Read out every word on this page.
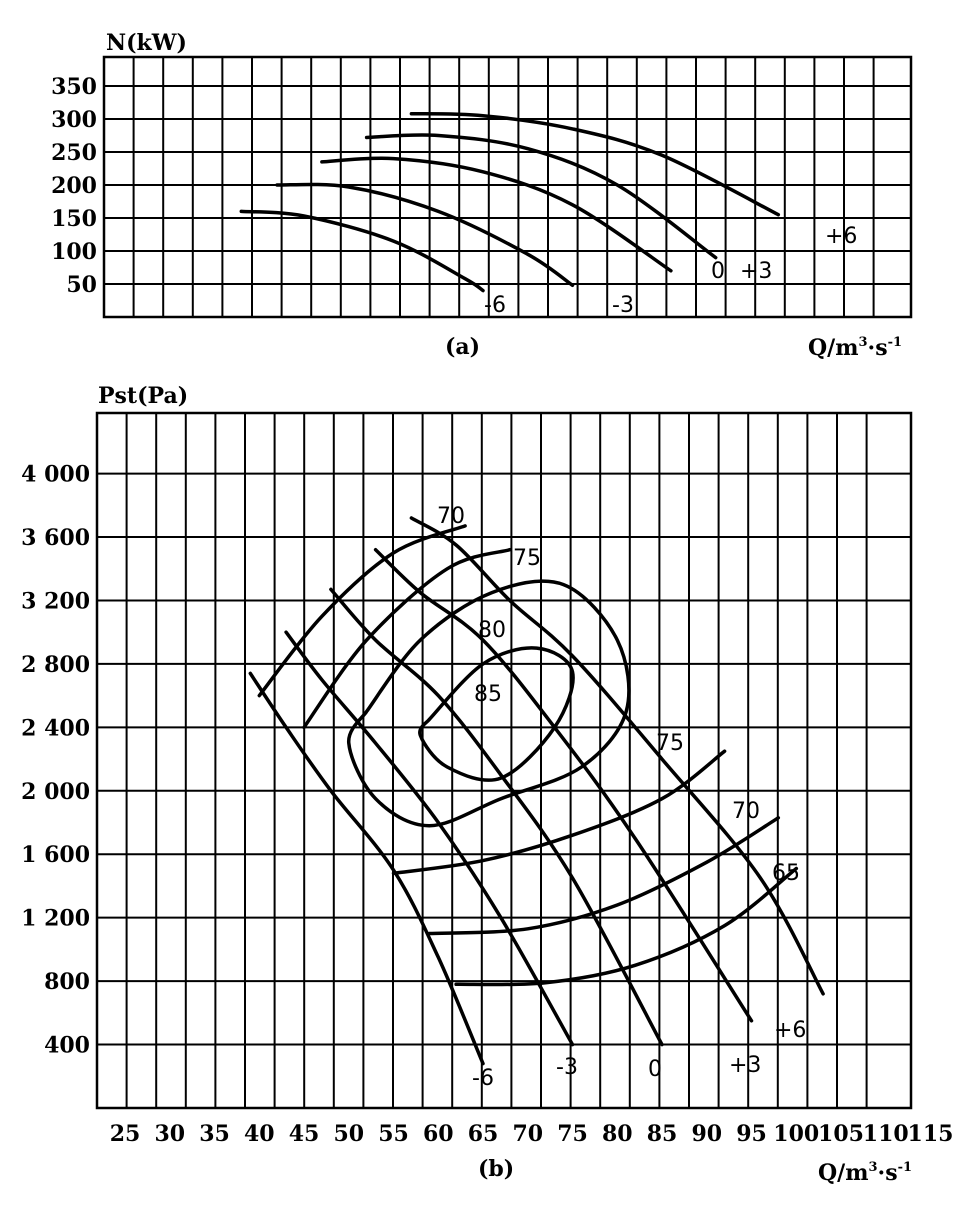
350
300
250
200
150
100
50
-6	-3
0 +3
+6
N(kW)
(a)	$Q/m^3\cdot s^{-1}$
4 000
3 600
3 200
2 800
2 400
2 000
1 600
1 200
800
400
25 30 35 40 45 50 55 60 65 70 75 80 85 90 95 100
105
110
115
-6	-3	0	+3
+6
70
75
80
85
75
70
65
Pst(Pa)
(b)	$Q/m^3\cdot s^{-1}$
